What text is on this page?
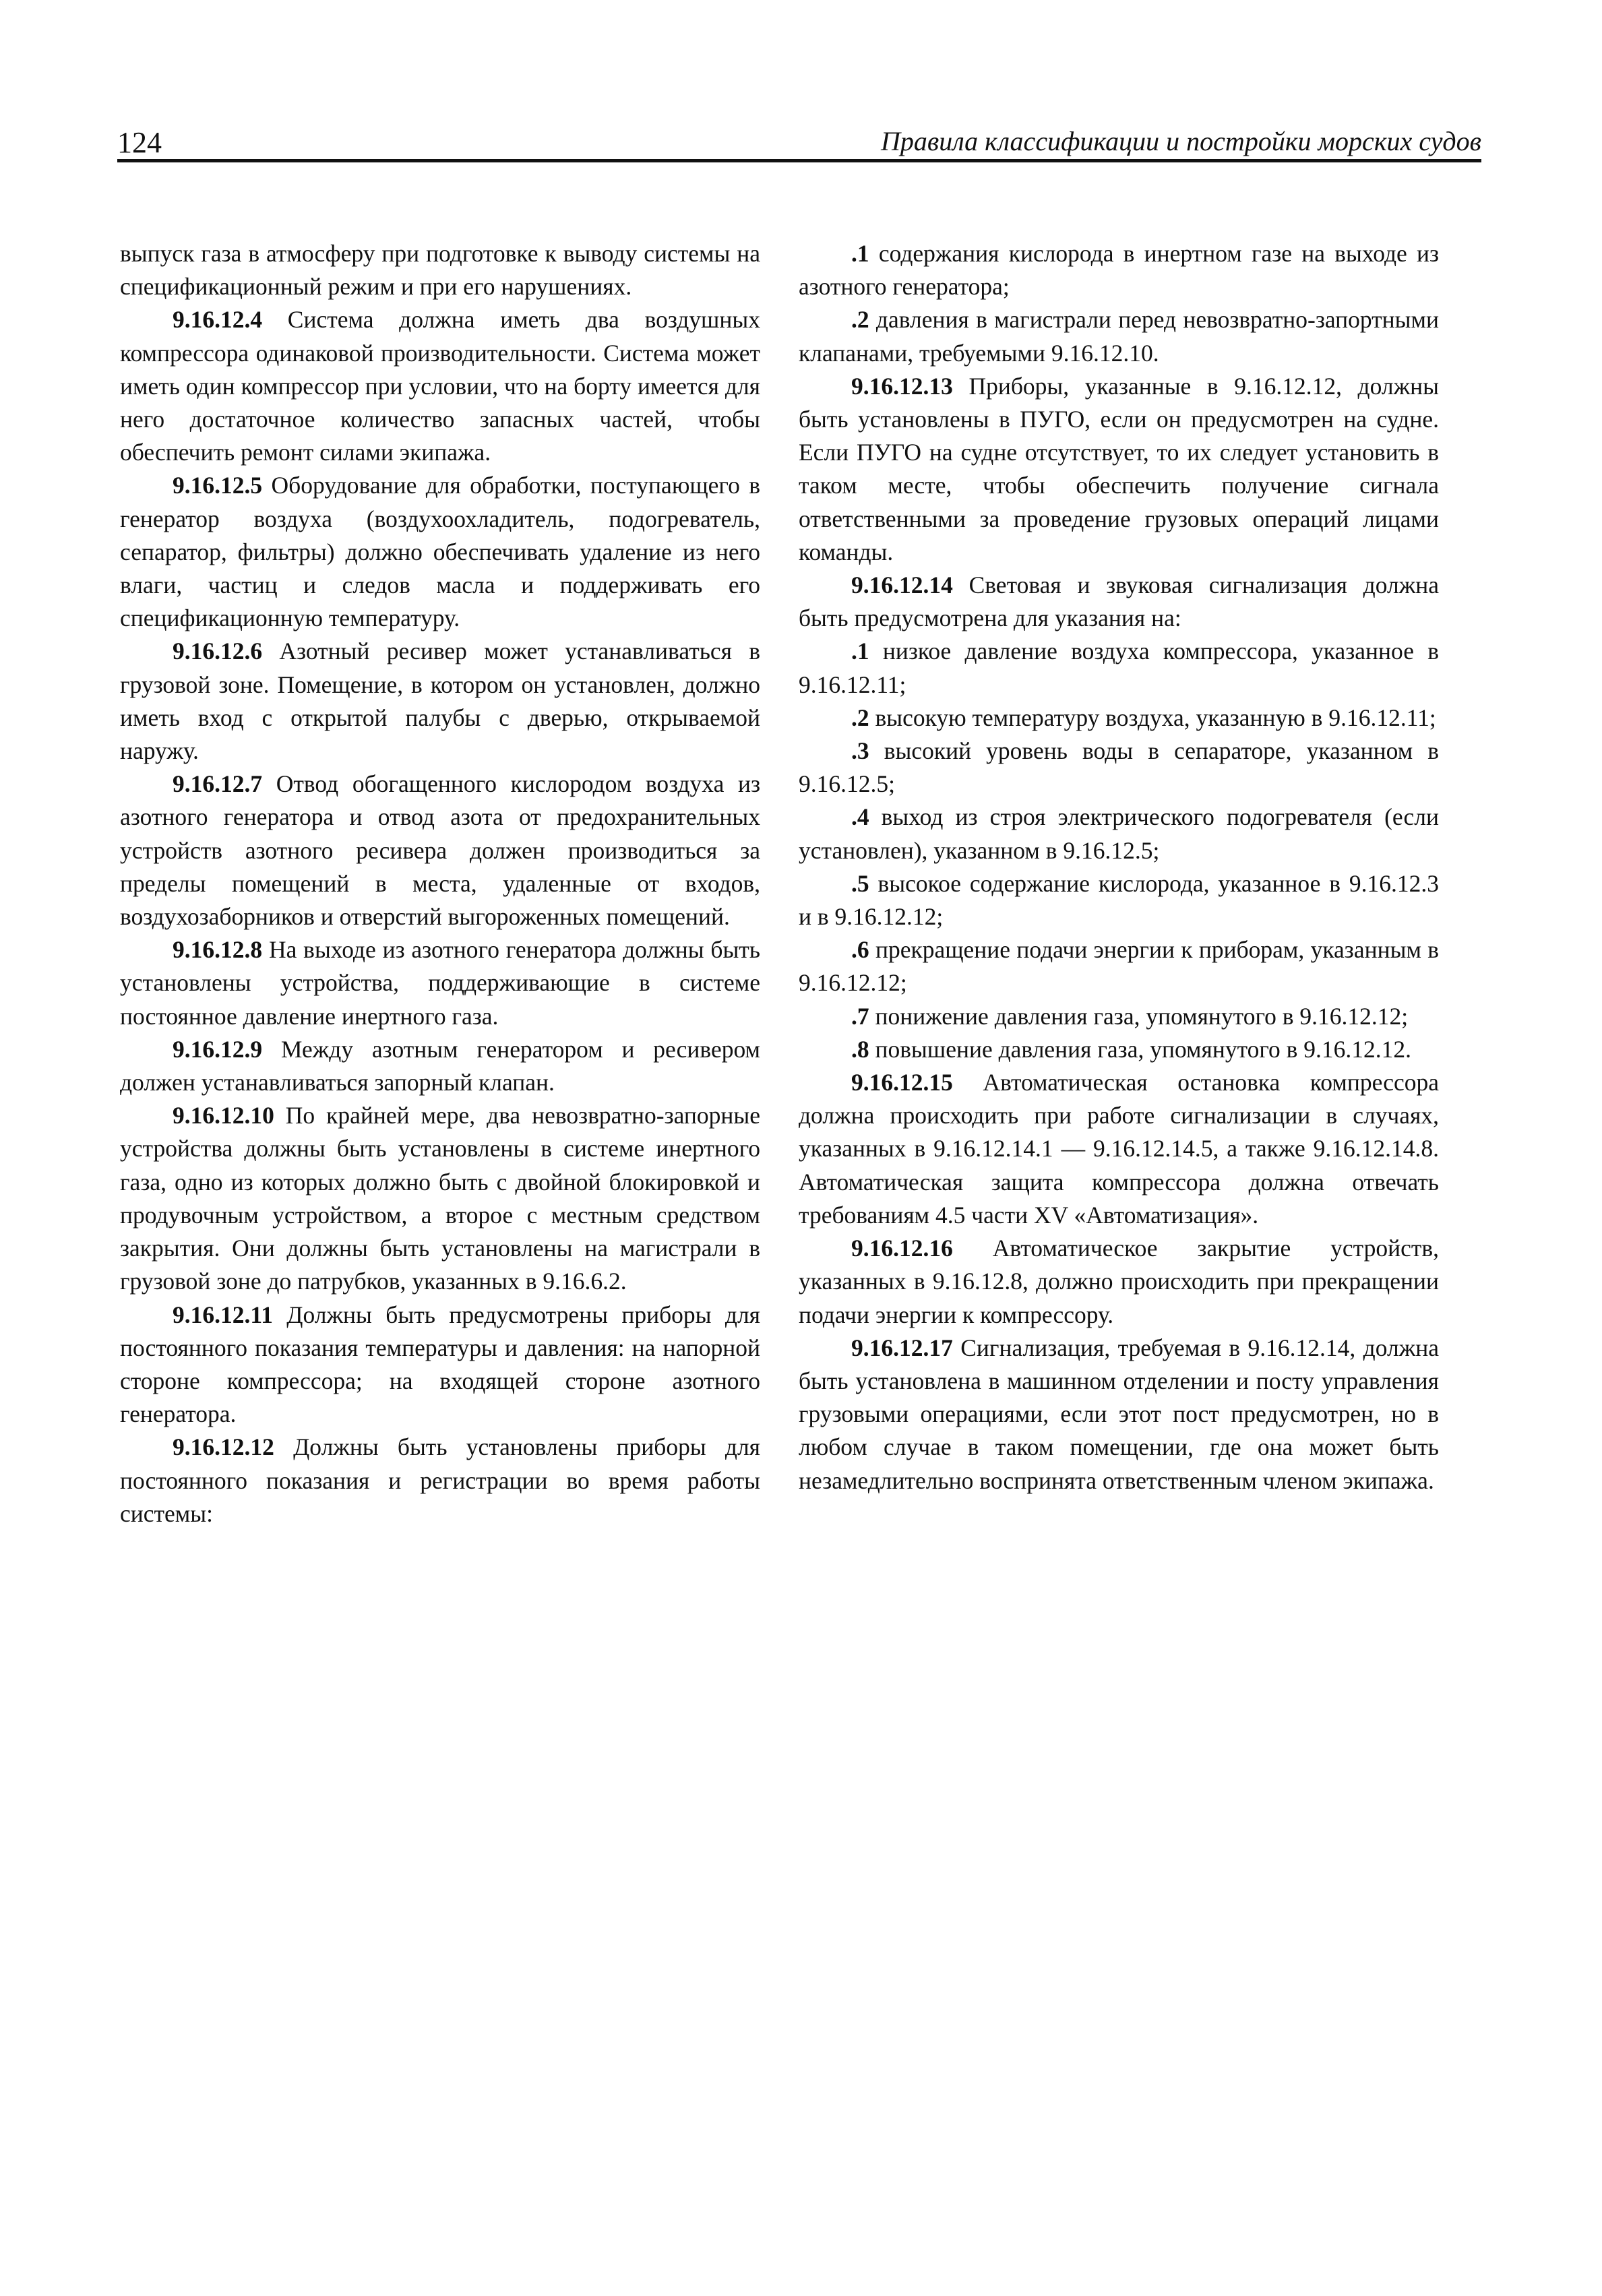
124	Правила классификации и постройки морских судов

выпуск газа в атмосферу при подготовке к выводу системы на спецификационный режим и при его нарушениях.

9.16.12.4 Система должна иметь два воздушных компрессора одинаковой производительности. Система может иметь один компрессор при условии, что на борту имеется для него достаточное количество запасных частей, чтобы обеспечить ремонт силами экипажа.

9.16.12.5 Оборудование для обработки, поступающего в генератор воздуха (воздухоохладитель, подогреватель, сепаратор, фильтры) должно обеспечивать удаление из него влаги, частиц и следов масла и поддерживать его спецификационную температуру.

9.16.12.6 Азотный ресивер может устанавливаться в грузовой зоне. Помещение, в котором он установлен, должно иметь вход с открытой палубы с дверью, открываемой наружу.

9.16.12.7 Отвод обогащенного кислородом воздуха из азотного генератора и отвод азота от предохранительных устройств азотного ресивера должен производиться за пределы помещений в места, удаленные от входов, воздухозаборников и отверстий выгороженных помещений.

9.16.12.8 На выходе из азотного генератора должны быть установлены устройства, поддерживающие в системе постоянное давление инертного газа.

9.16.12.9 Между азотным генератором и ресивером должен устанавливаться запорный клапан.

9.16.12.10 По крайней мере, два невозвратно-запорные устройства должны быть установлены в системе инертного газа, одно из которых должно быть с двойной блокировкой и продувочным устройством, а второе с местным средством закрытия. Они должны быть установлены на магистрали в грузовой зоне до патрубков, указанных в 9.16.6.2.

9.16.12.11 Должны быть предусмотрены приборы для постоянного показания температуры и давления: на напорной стороне компрессора; на входящей стороне азотного генератора.

9.16.12.12 Должны быть установлены приборы для постоянного показания и регистрации во время работы системы:

.1 содержания кислорода в инертном газе на выходе из азотного генератора;

.2 давления в магистрали перед невозвратно-запортными клапанами, требуемыми 9.16.12.10.

9.16.12.13 Приборы, указанные в 9.16.12.12, должны быть установлены в ПУГО, если он предусмотрен на судне. Если ПУГО на судне отсутствует, то их следует установить в таком месте, чтобы обеспечить получение сигнала ответственными за проведение грузовых операций лицами команды.

9.16.12.14 Световая и звуковая сигнализация должна быть предусмотрена для указания на:

.1 низкое давление воздуха компрессора, указанное в 9.16.12.11;

.2 высокую температуру воздуха, указанную в 9.16.12.11;

.3 высокий уровень воды в сепараторе, указанном в 9.16.12.5;

.4 выход из строя электрического подогревателя (если установлен), указанном в 9.16.12.5;

.5 высокое содержание кислорода, указанное в 9.16.12.3 и в 9.16.12.12;

.6 прекращение подачи энергии к приборам, указанным в 9.16.12.12;

.7 понижение давления газа, упомянутого в 9.16.12.12;

.8 повышение давления газа, упомянутого в 9.16.12.12.

9.16.12.15 Автоматическая остановка компрессора должна происходить при работе сигнализации в случаях, указанных в 9.16.12.14.1 — 9.16.12.14.5, а также 9.16.12.14.8. Автоматическая защита компрессора должна отвечать требованиям 4.5 части XV «Автоматизация».

9.16.12.16 Автоматическое закрытие устройств, указанных в 9.16.12.8, должно происходить при прекращении подачи энергии к компрессору.

9.16.12.17 Сигнализация, требуемая в 9.16.12.14, должна быть установлена в машинном отделении и посту управления грузовыми операциями, если этот пост предусмотрен, но в любом случае в таком помещении, где она может быть незамедлительно воспринята ответственным членом экипажа.
